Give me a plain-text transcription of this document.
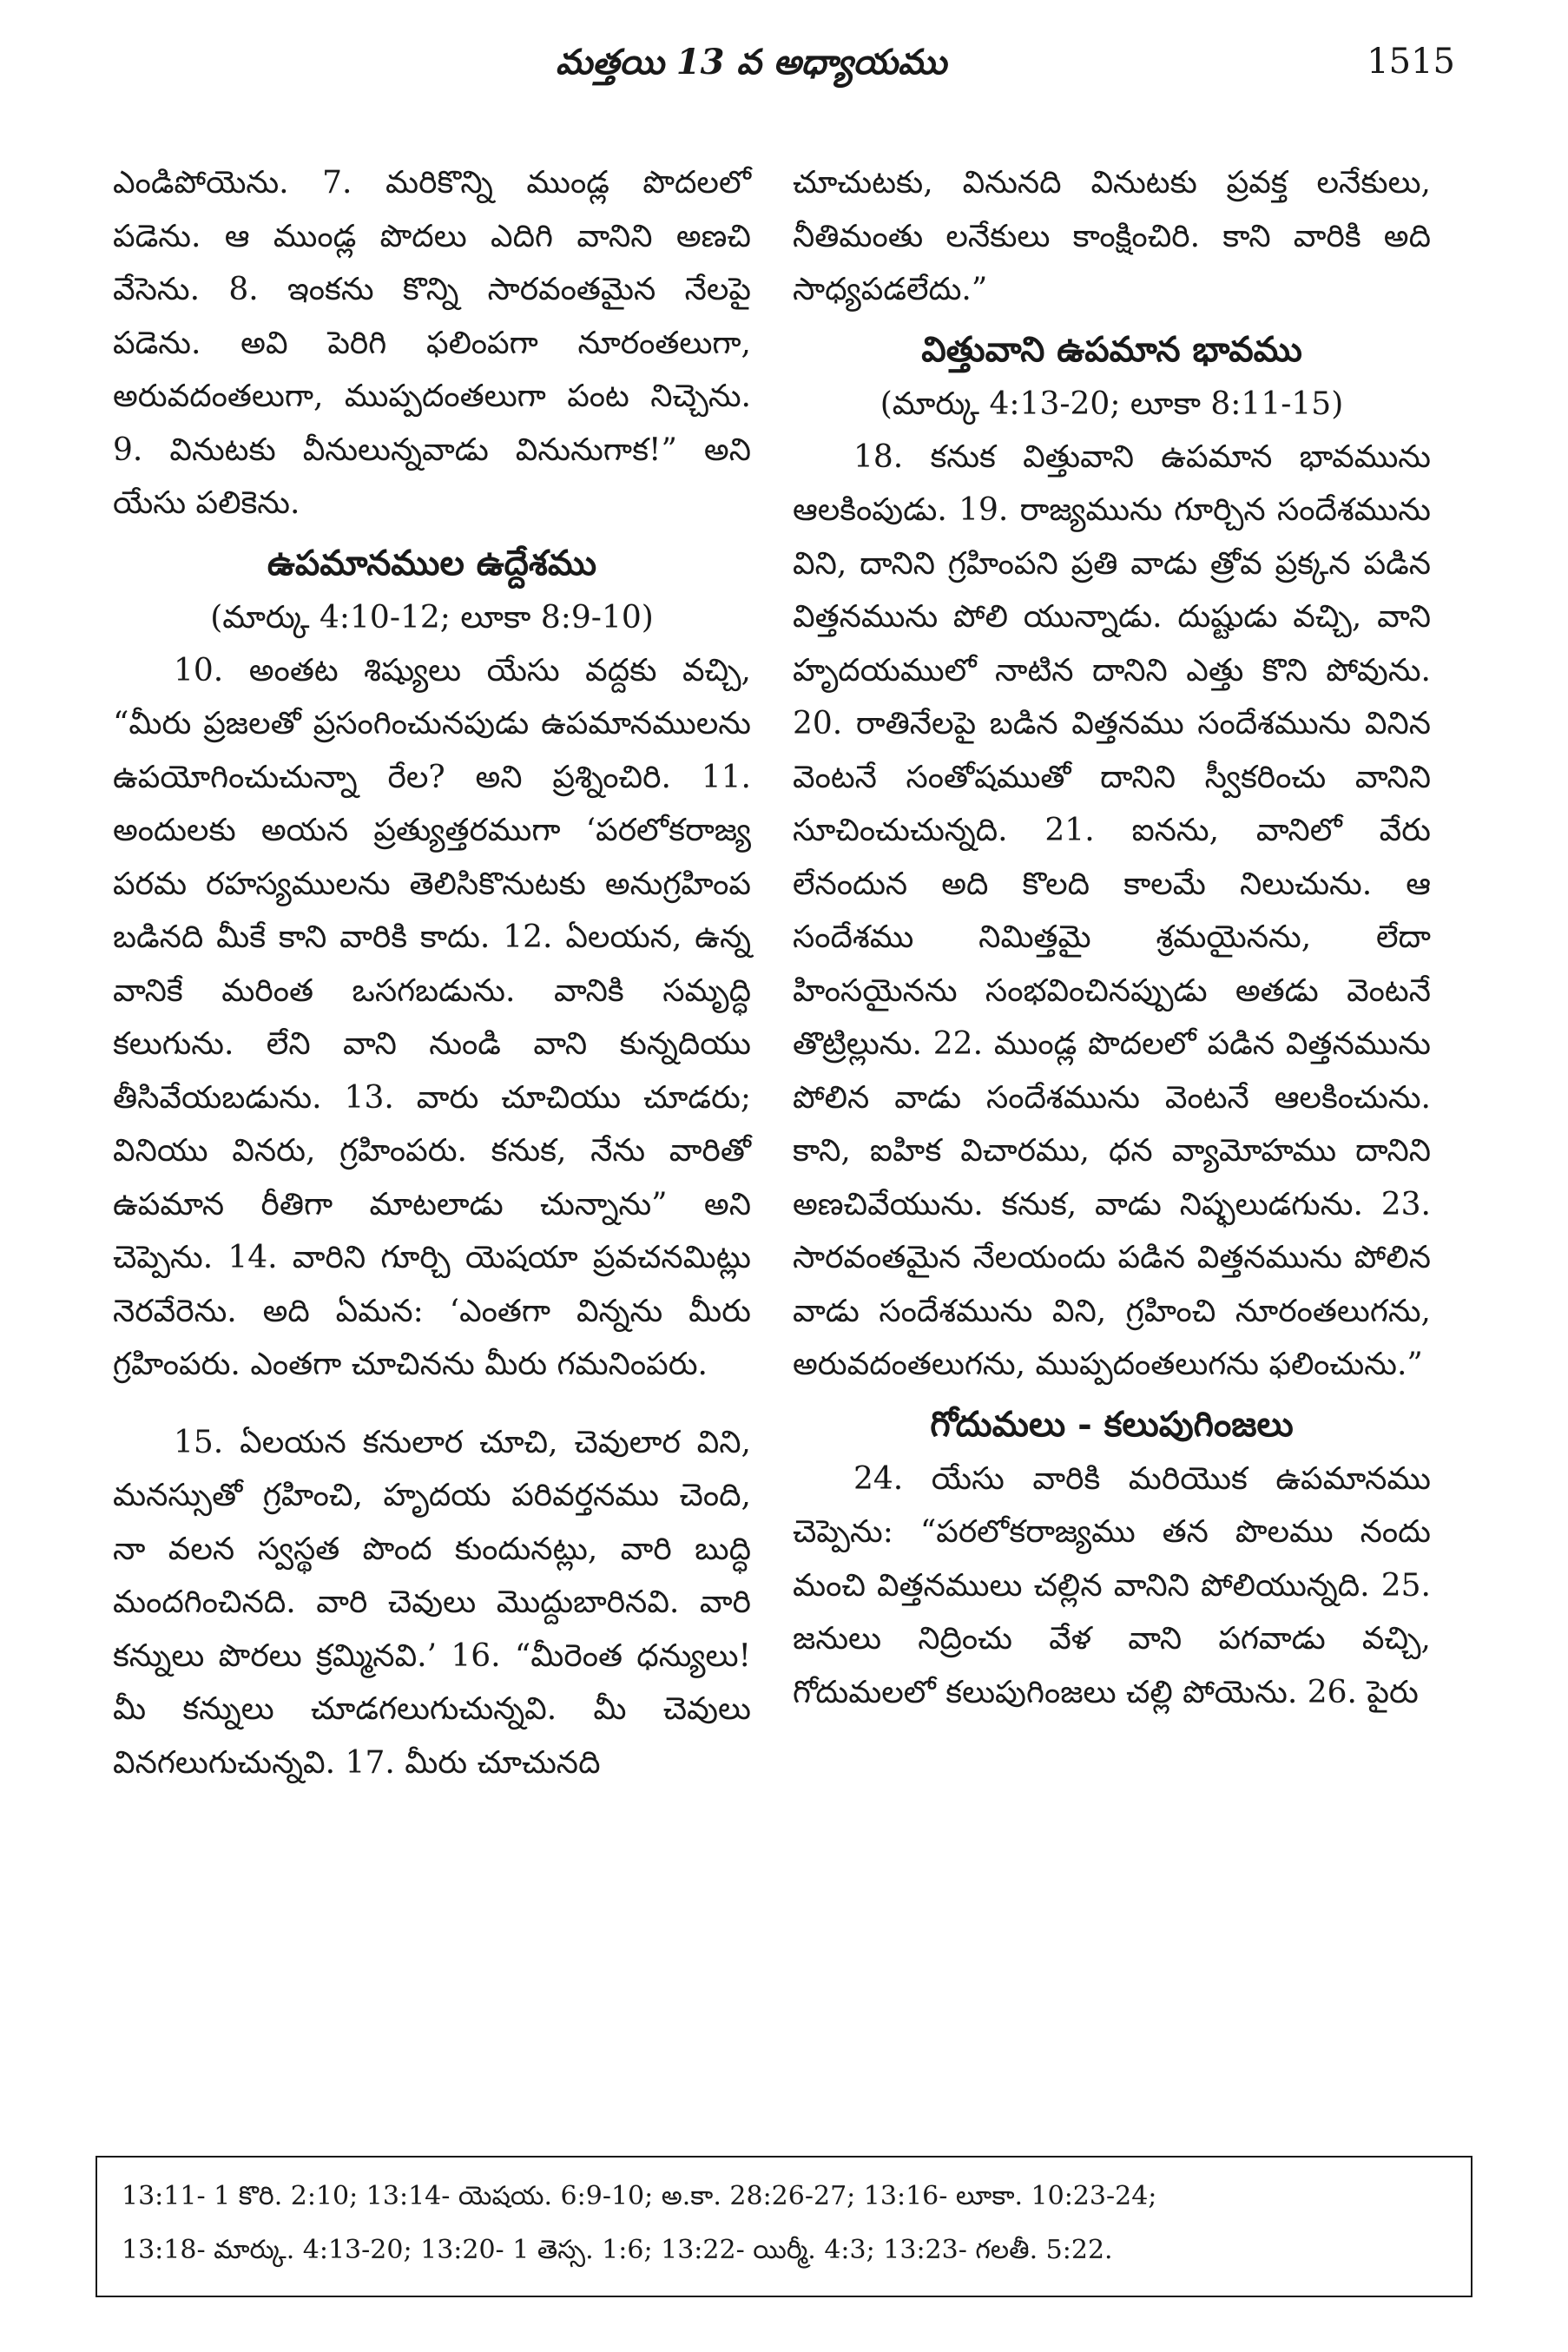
మత్తయి 13 వ అధ్యాయము	1515

ఎండిపోయెను. 7. మరికొన్ని ముండ్ల పొదలలో పడెను. ఆ ముండ్ల పొదలు ఎదిగి వానిని అణచి వేసెను. 8. ఇంకను కొన్ని సారవంతమైన నేలపై పడెను. అవి పెరిగి ఫలింపగా నూరంతలుగా, అరువదంతలుగా, ముప్పదంతలుగా పంట నిచ్చెను. 9. వినుటకు వీనులున్నవాడు వినునుగాక!” అని యేసు పలికెను.

ఉపమానముల ఉద్దేశము

(మార్కు 4:10-12; లూకా 8:9-10)

10. అంతట శిష్యులు యేసు వద్దకు వచ్చి, “మీరు ప్రజలతో ప్రసంగించునపుడు ఉపమానములను ఉపయోగించుచున్నా రేల? అని ప్రశ్నించిరి. 11. అందులకు అయన ప్రత్యుత్తరముగా ‘పరలోకరాజ్య పరమ రహస్యములను తెలిసికొనుటకు అనుగ్రహింప బడినది మీకే కాని వారికి కాదు. 12. ఏలయన, ఉన్న వానికే మరింత ఒసగబడును. వానికి సమృద్ధి కలుగును. లేని వాని నుండి వాని కున్నదియు తీసివేయబడును. 13. వారు చూచియు చూడరు; వినియు వినరు, గ్రహింపరు. కనుక, నేను వారితో ఉపమాన రీతిగా మాటలాడు చున్నాను” అని చెప్పెను. 14. వారిని గూర్చి యెషయా ప్రవచనమిట్లు నెరవేరెను. అది ఏమన: ‘ఎంతగా విన్నను మీరు గ్రహింపరు. ఎంతగా చూచినను మీరు గమనింపరు.

15. ఏలయన కనులార చూచి, చెవులార విని, మనస్సుతో గ్రహించి, హృదయ పరివర్తనము చెంది, నా వలన స్వస్థత పొంద కుందునట్లు, వారి బుద్ధి మందగించినది. వారి చెవులు మొద్దుబారినవి. వారి కన్నులు పొరలు క్రమ్మినవి.’ 16. “మీరెంత ధన్యులు! మీ కన్నులు చూడగలుగుచున్నవి. మీ చెవులు వినగలుగుచున్నవి. 17. మీరు చూచునది

చూచుటకు, వినునది వినుటకు ప్రవక్త లనేకులు, నీతిమంతు లనేకులు కాంక్షించిరి. కాని వారికి అది సాధ్యపడలేదు.”

విత్తువాని ఉపమాన భావము

(మార్కు 4:13-20; లూకా 8:11-15)

18. కనుక విత్తువాని ఉపమాన భావమును ఆలకింపుడు. 19. రాజ్యమును గూర్చిన సందేశమును విని, దానిని గ్రహింపని ప్రతి వాడు త్రోవ ప్రక్కన పడిన విత్తనమును పోలి యున్నాడు. దుష్టుడు వచ్చి, వాని హృదయములో నాటిన దానిని ఎత్తు కొని పోవును. 20. రాతినేలపై బడిన విత్తనము సందేశమును వినిన వెంటనే సంతోషముతో దానిని స్వీకరించు వానిని సూచించుచున్నది. 21. ఐనను, వానిలో వేరు లేనందున అది కొలది కాలమే నిలుచును. ఆ సందేశము నిమిత్తమై శ్రమయైనను, లేదా హింసయైనను సంభవించినప్పుడు అతడు వెంటనే తొట్రిల్లును. 22. ముండ్ల పొదలలో పడిన విత్తనమును పోలిన వాడు సందేశమును వెంటనే ఆలకించును. కాని, ఐహిక విచారము, ధన వ్యామోహము దానిని అణచివేయును. కనుక, వాడు నిష్ఫలుడగును. 23. సారవంతమైన నేలయందు పడిన విత్తనమును పోలిన వాడు సందేశమును విని, గ్రహించి నూరంతలుగను, అరువదంతలుగను, ముప్పదంతలుగను ఫలించును.”

గోదుమలు - కలుపుగింజలు

24. యేసు వారికి మరియొక ఉపమానము చెప్పెను: “పరలోకరాజ్యము తన పొలము నందు మంచి విత్తనములు చల్లిన వానిని పోలియున్నది. 25. జనులు నిద్రించు వేళ వాని పగవాడు వచ్చి, గోదుమలలో కలుపుగింజలు చల్లి పోయెను. 26. పైరు

13:11- 1 కొరి. 2:10; 13:14- యెషయ. 6:9-10; అ.కా. 28:26-27; 13:16- లూకా. 10:23-24;

13:18- మార్కు. 4:13-20; 13:20- 1 తెస్స. 1:6; 13:22- యిర్మీ. 4:3; 13:23- గలతీ. 5:22.
